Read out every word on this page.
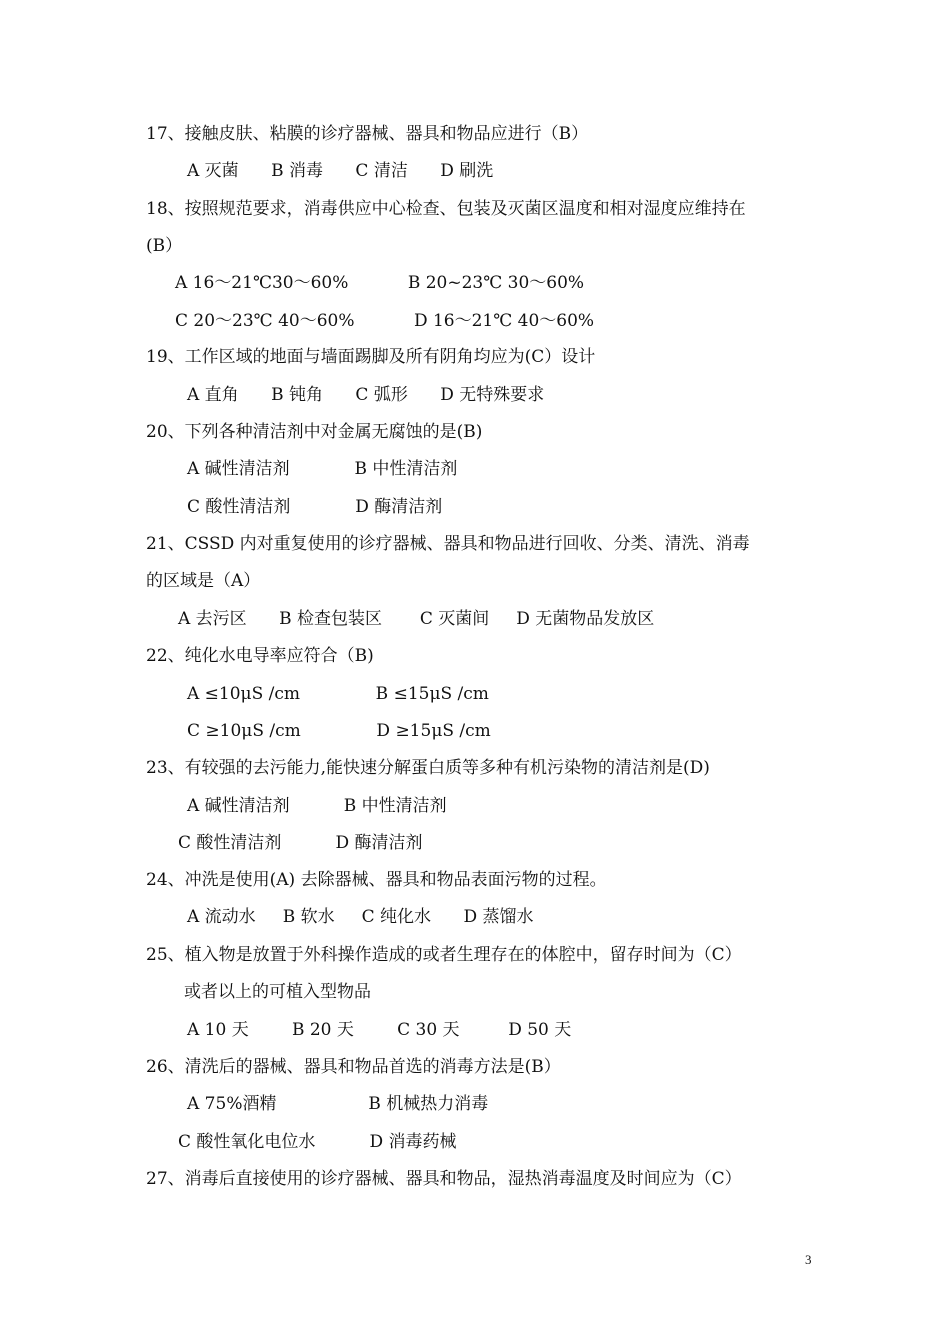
17、接触皮肤、粘膜的诊疗器械、器具和物品应进行（B）
A 灭菌      B 消毒      C 清洁      D 刷洗
18、按照规范要求，消毒供应中心检查、包装及灭菌区温度和相对湿度应维持在
(B）
A 16～21℃30～60%           B 20~23℃ 30～60%
C 20～23℃ 40～60%           D 16～21℃ 40～60%
19、工作区域的地面与墙面踢脚及所有阴角均应为(C）设计
A 直角      B 钝角      C 弧形      D 无特殊要求
20、下列各种清洁剂中对金属无腐蚀的是(B)
A 碱性清洁剂            B 中性清洁剂
C 酸性清洁剂            D 酶清洁剂
21、CSSD 内对重复使用的诊疗器械、器具和物品进行回收、分类、清洗、消毒
的区域是（A）
A 去污区      B 检查包装区       C 灭菌间     D 无菌物品发放区
22、纯化水电导率应符合（B)
A ≤10μS /cm              B ≤15μS /cm
C ≥10μS /cm              D ≥15μS /cm
23、有较强的去污能力,能快速分解蛋白质等多种有机污染物的清洁剂是(D)
A 碱性清洁剂          B 中性清洁剂
C 酸性清洁剂          D 酶清洁剂
24、冲洗是使用(A) 去除器械、器具和物品表面污物的过程。
A 流动水     B 软水     C 纯化水      D 蒸馏水
25、植入物是放置于外科操作造成的或者生理存在的体腔中，留存时间为（C）
或者以上的可植入型物品
A 10 天        B 20 天        C 30 天         D 50 天
26、清洗后的器械、器具和物品首选的消毒方法是(B）
A 75%酒精                 B 机械热力消毒
C 酸性氧化电位水          D 消毒药械
27、消毒后直接使用的诊疗器械、器具和物品，湿热消毒温度及时间应为（C）
3
